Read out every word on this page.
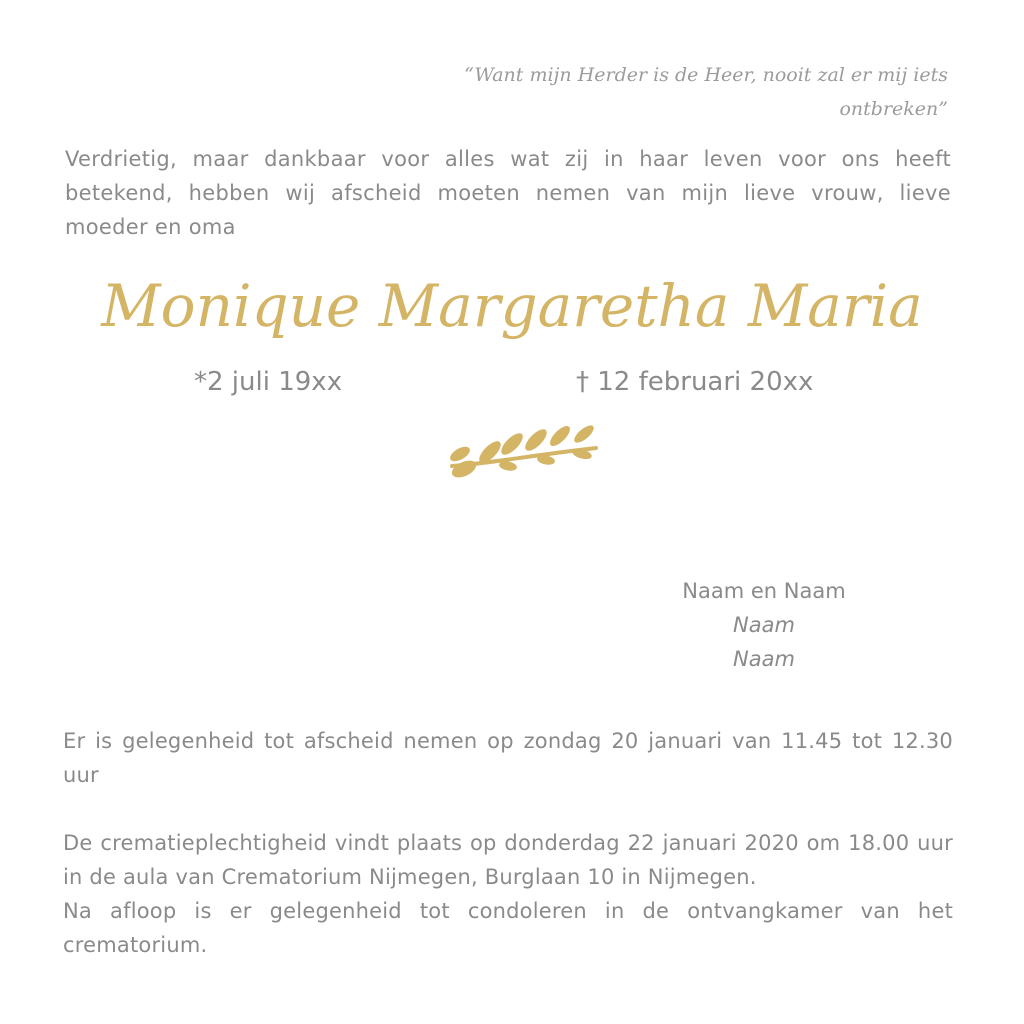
“Want mijn Herder is de Heer, nooit zal er mij iets
ontbreken”
Verdrietig, maar dankbaar voor alles wat zij in haar leven voor ons heeft betekend, hebben wij afscheid moeten nemen van mijn lieve vrouw, lieve moeder en oma
Monique Margaretha Maria
*2 juli 19xx	† 12 februari 20xx
Naam en Naam
Naam
Naam
Er is gelegenheid tot afscheid nemen op zondag 20 januari van 11.45 tot 12.30 uur
De crematieplechtigheid vindt plaats op donderdag 22 januari 2020 om 18.00 uur in de aula van Crematorium Nijmegen, Burglaan 10 in Nijmegen.
Na afloop is er gelegenheid tot condoleren in de ontvangkamer van het crematorium.
